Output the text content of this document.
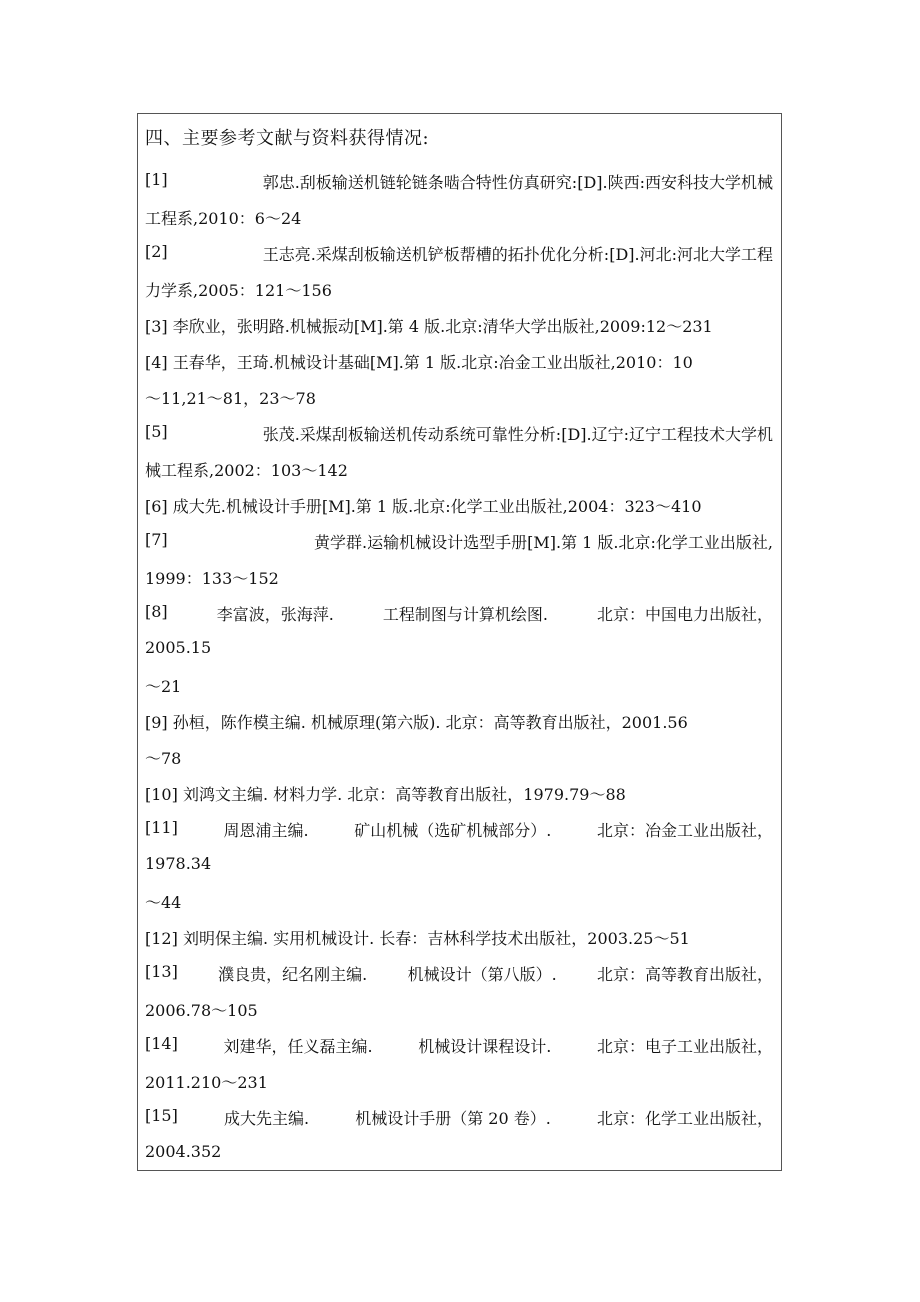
四、主要参考文献与资料获得情况:
[1]	郭忠.刮板输送机链轮链条啮合特性仿真研究:[D].陕西:西安科技大学机械
工程系,2010：6～24
[2]	王志亮.采煤刮板输送机铲板帮槽的拓扑优化分析:[D].河北:河北大学工程
力学系,2005：121～156
[3] 李欣业，张明路.机械振动[M].第 4 版.北京:清华大学出版社,2009:12～231
[4] 王春华，王琦.机械设计基础[M].第 1 版.北京:冶金工业出版社,2010：10
～11,21～81，23～78
[5]	张茂.采煤刮板输送机传动系统可靠性分析:[D].辽宁:辽宁工程技术大学机
械工程系,2002：103～142
[6] 成大先.机械设计手册[M].第 1 版.北京:化学工业出版社,2004：323～410
[7]	黄学群.运输机械设计选型手册[M].第 1 版.北京:化学工业出版社,
1999：133～152
[8]	李富波，张海萍.	工程制图与计算机绘图.	北京：中国电力出版社，
2005.15
～21
[9] 孙桓，陈作模主编. 机械原理(第六版). 北京：高等教育出版社，2001.56
～78
[10] 刘鸿文主编. 材料力学. 北京：高等教育出版社，1979.79～88
[11]	周恩浦主编.	矿山机械（选矿机械部分）.	北京：冶金工业出版社，
1978.34
～44
[12] 刘明保主编. 实用机械设计. 长春：吉林科学技术出版社，2003.25～51
[13]	濮良贵，纪名刚主编.	机械设计（第八版）.	北京：高等教育出版社，
2006.78～105
[14]	刘建华，任义磊主编.	机械设计课程设计.	北京：电子工业出版社，
2011.210～231
[15]	成大先主编.	机械设计手册（第 20 卷）.	北京：化学工业出版社，
2004.352
